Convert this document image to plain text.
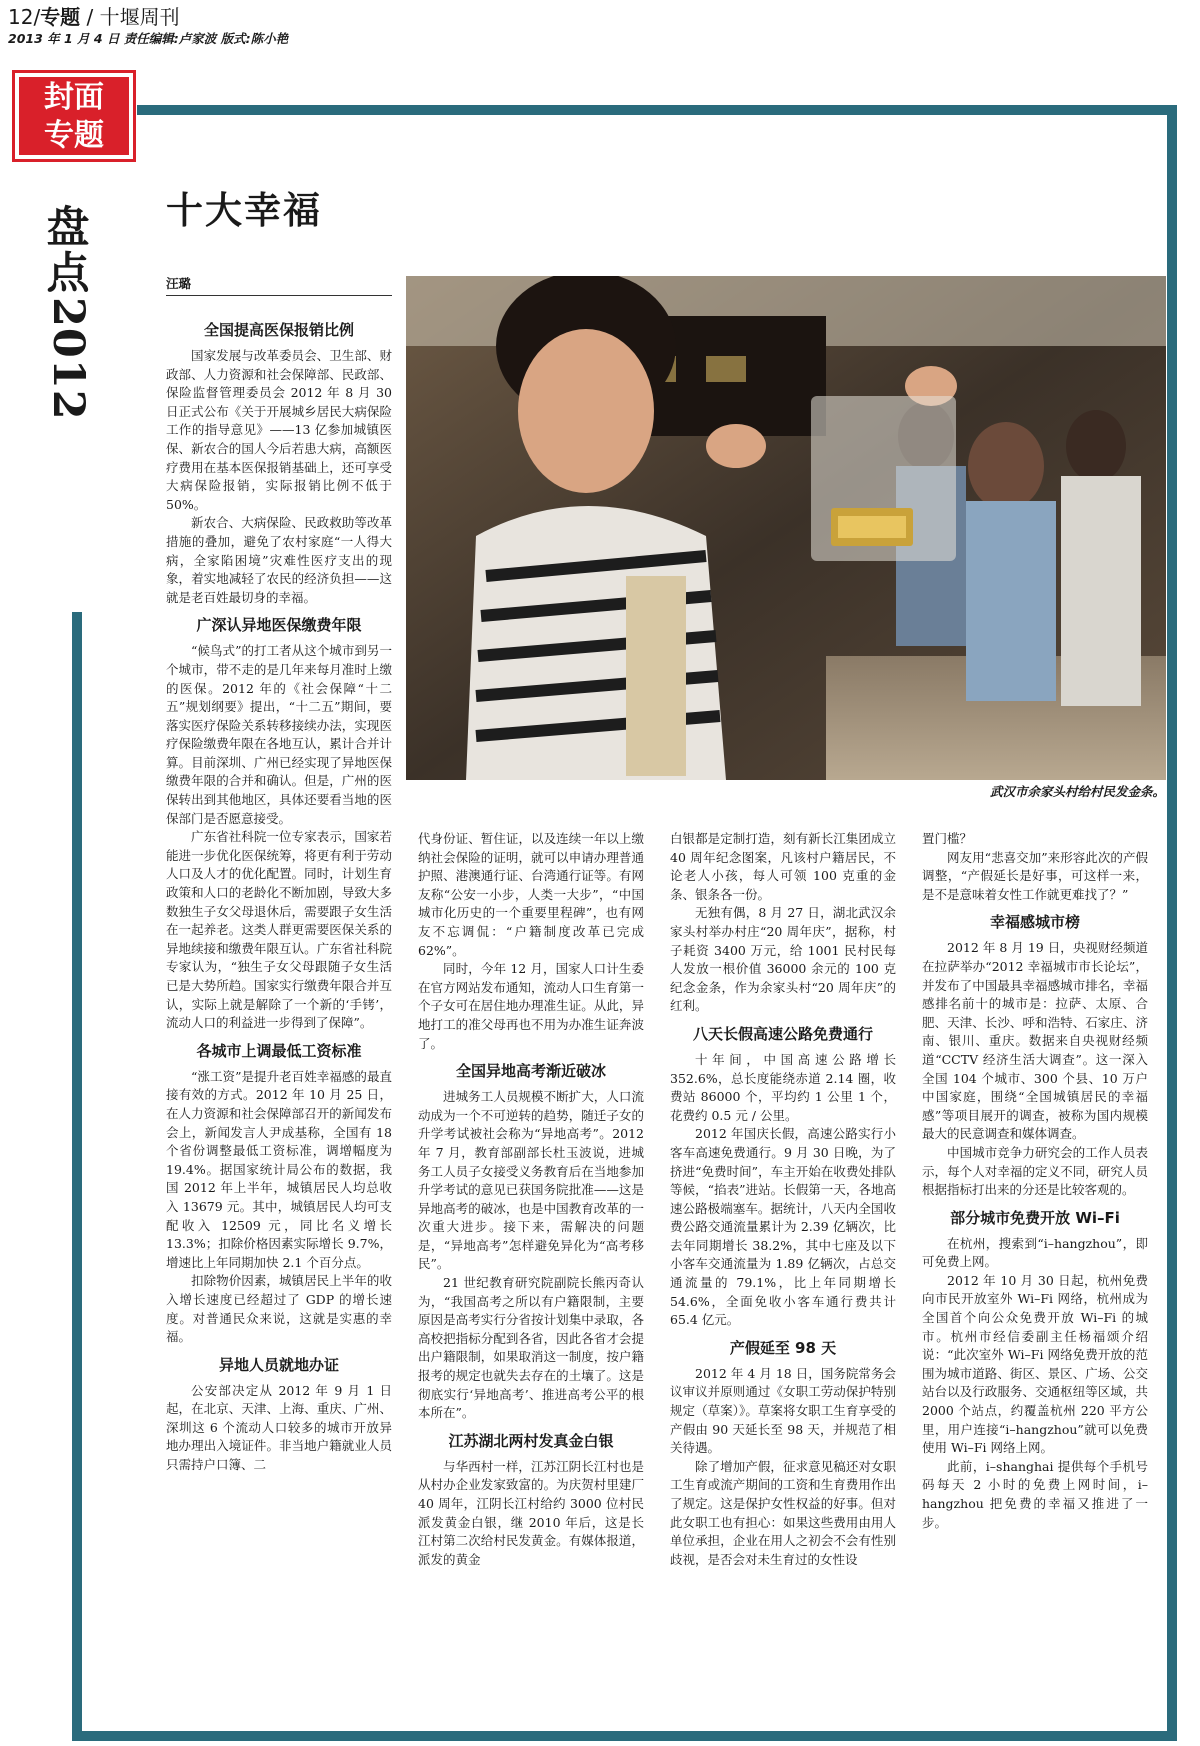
12/专题 / 十堰周刊
2013 年 1 月 4 日 责任编辑:卢家波 版式:陈小艳
封面
专题
盘
点
2012
十大幸福
汪璐
武汉市余家头村给村民发金条。
全国提高医保报销比例

国家发展与改革委员会、卫生部、财政部、人力资源和社会保障部、民政部、保险监督管理委员会 2012 年 8 月 30 日正式公布《关于开展城乡居民大病保险工作的指导意见》——13 亿参加城镇医保、新农合的国人今后若患大病，高额医疗费用在基本医保报销基础上，还可享受大病保险报销，实际报销比例不低于 50%。

新农合、大病保险、民政救助等改革措施的叠加，避免了农村家庭“一人得大病，全家陷困境”灾难性医疗支出的现象，着实地减轻了农民的经济负担——这就是老百姓最切身的幸福。

广深认异地医保缴费年限

“候鸟式”的打工者从这个城市到另一个城市，带不走的是几年来每月准时上缴的医保。2012 年的《社会保障“十二五”规划纲要》提出，“十二五”期间，要落实医疗保险关系转移接续办法，实现医疗保险缴费年限在各地互认，累计合并计算。目前深圳、广州已经实现了异地医保缴费年限的合并和确认。但是，广州的医保转出到其他地区，具体还要看当地的医保部门是否愿意接受。

广东省社科院一位专家表示，国家若能进一步优化医保统筹，将更有利于劳动人口及人才的优化配置。同时，计划生育政策和人口的老龄化不断加剧，导致大多数独生子女父母退休后，需要跟子女生活在一起养老。这类人群更需要医保关系的异地续接和缴费年限互认。广东省社科院专家认为，“独生子女父母跟随子女生活已是大势所趋。国家实行缴费年限合并互认，实际上就是解除了一个新的‘手铐’，流动人口的利益进一步得到了保障”。

各城市上调最低工资标准

“涨工资”是提升老百姓幸福感的最直接有效的方式。2012 年 10 月 25 日，在人力资源和社会保障部召开的新闻发布会上，新闻发言人尹成基称，全国有 18 个省份调整最低工资标准，调增幅度为 19.4%。据国家统计局公布的数据，我国 2012 年上半年，城镇居民人均总收入 13679 元。其中，城镇居民人均可支配收入 12509 元，同比名义增长 13.3%；扣除价格因素实际增长 9.7%，增速比上年同期加快 2.1 个百分点。

扣除物价因素，城镇居民上半年的收入增长速度已经超过了 GDP 的增长速度。对普通民众来说，这就是实惠的幸福。

异地人员就地办证

公安部决定从 2012 年 9 月 1 日起，在北京、天津、上海、重庆、广州、深圳这 6 个流动人口较多的城市开放异地办理出入境证件。非当地户籍就业人员只需持户口簿、二

代身份证、暂住证，以及连续一年以上缴纳社会保险的证明，就可以申请办理普通护照、港澳通行证、台湾通行证等。有网友称“公安一小步，人类一大步”，“中国城市化历史的一个重要里程碑”，也有网友不忘调侃：“户籍制度改革已完成 62%”。

同时，今年 12 月，国家人口计生委在官方网站发布通知，流动人口生育第一个子女可在居住地办理准生证。从此，异地打工的准父母再也不用为办准生证奔波了。

全国异地高考渐近破冰

进城务工人员规模不断扩大，人口流动成为一个不可逆转的趋势，随迁子女的升学考试被社会称为“异地高考”。2012 年 7 月，教育部副部长杜玉波说，进城务工人员子女接受义务教育后在当地参加升学考试的意见已获国务院批准——这是异地高考的破冰，也是中国教育改革的一次重大进步。接下来，需解决的问题是，“异地高考”怎样避免异化为“高考移民”。

21 世纪教育研究院副院长熊丙奇认为，“我国高考之所以有户籍限制，主要原因是高考实行分省按计划集中录取，各高校把指标分配到各省，因此各省才会提出户籍限制，如果取消这一制度，按户籍报考的规定也就失去存在的土壤了。这是彻底实行‘异地高考’、推进高考公平的根本所在”。

江苏湖北两村发真金白银

与华西村一样，江苏江阴长江村也是从村办企业发家致富的。为庆贺村里建厂 40 周年，江阴长江村给约 3000 位村民派发黄金白银，继 2010 年后，这是长江村第二次给村民发黄金。有媒体报道，派发的黄金

白银都是定制打造，刻有新长江集团成立 40 周年纪念图案，凡该村户籍居民，不论老人小孩，每人可领 100 克重的金条、银条各一份。

无独有偶，8 月 27 日，湖北武汉余家头村举办村庄“20 周年庆”，据称，村子耗资 3400 万元，给 1001 民村民每人发放一根价值 36000 余元的 100 克纪念金条，作为余家头村“20 周年庆”的红利。

八天长假高速公路免费通行

十年间，中国高速公路增长 352.6%，总长度能绕赤道 2.14 圈，收费站 86000 个，平均约 1 公里 1 个，花费约 0.5 元 / 公里。

2012 年国庆长假，高速公路实行小客车高速免费通行。9 月 30 日晚，为了挤进“免费时间”，车主开始在收费处排队等候，“掐表”进站。长假第一天，各地高速公路极端塞车。据统计，八天内全国收费公路交通流量累计为 2.39 亿辆次，比去年同期增长 38.2%，其中七座及以下小客车交通流量为 1.89 亿辆次，占总交通流量的 79.1%，比上年同期增长 54.6%，全面免收小客车通行费共计 65.4 亿元。

产假延至 98 天

2012 年 4 月 18 日，国务院常务会议审议并原则通过《女职工劳动保护特别规定（草案）》。草案将女职工生育享受的产假由 90 天延长至 98 天，并规范了相关待遇。

除了增加产假，征求意见稿还对女职工生育或流产期间的工资和生育费用作出了规定。这是保护女性权益的好事。但对此女职工也有担心：如果这些费用由用人单位承担，企业在用人之初会不会有性别歧视，是否会对未生育过的女性设

置门槛？

网友用“悲喜交加”来形容此次的产假调整，“产假延长是好事，可这样一来，是不是意味着女性工作就更难找了？”

幸福感城市榜

2012 年 8 月 19 日，央视财经频道在拉萨举办“2012 幸福城市市长论坛”，并发布了中国最具幸福感城市排名，幸福感排名前十的城市是：拉萨、太原、合肥、天津、长沙、呼和浩特、石家庄、济南、银川、重庆。数据来自央视财经频道“CCTV 经济生活大调查”。这一深入全国 104 个城市、300 个县、10 万户中国家庭，围绕“全国城镇居民的幸福感”等项目展开的调查，被称为国内规模最大的民意调查和媒体调查。

中国城市竞争力研究会的工作人员表示，每个人对幸福的定义不同，研究人员根据指标打出来的分还是比较客观的。

部分城市免费开放 Wi–Fi

在杭州，搜索到“i–hangzhou”，即可免费上网。

2012 年 10 月 30 日起，杭州免费向市民开放室外 Wi–Fi 网络，杭州成为全国首个向公众免费开放 Wi–Fi 的城市。杭州市经信委副主任杨福颂介绍说：“此次室外 Wi–Fi 网络免费开放的范围为城市道路、街区、景区、广场、公交站台以及行政服务、交通枢纽等区域，共 2000 个站点，约覆盖杭州 220 平方公里，用户连接“i–hangzhou”就可以免费使用 Wi–Fi 网络上网。

此前，i–shanghai 提供每个手机号码每天 2 小时的免费上网时间，i–hangzhou 把免费的幸福又推进了一步。
